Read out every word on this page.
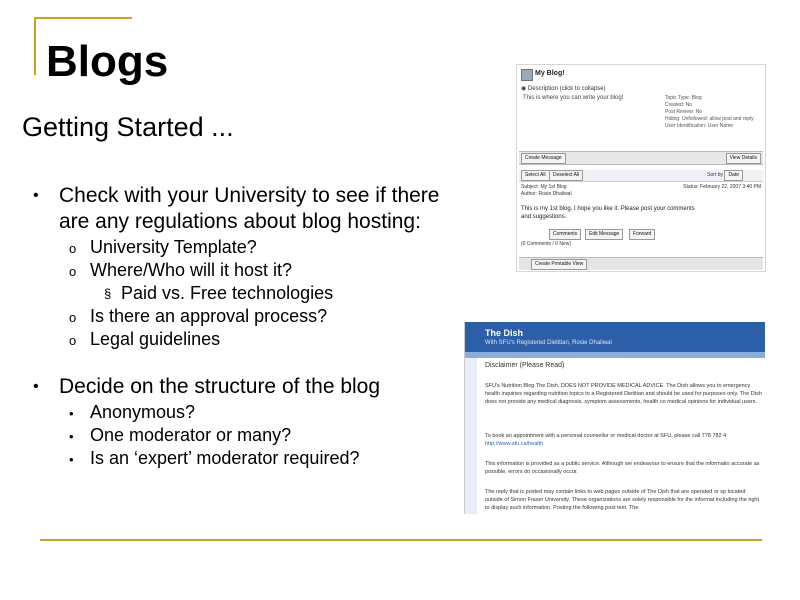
Blogs
Getting Started ...
• Check with your University to see if there
are any regulations about blog hosting:
o University Template?
o Where/Who will it host it?
§ Paid vs. Free technologies
o Is there an approval process?
o Legal guidelines
• Decide on the structure of the blog
• Anonymous?
• One moderator or many?
• Is an ‘expert’ moderator required?
My Blog!
◉ Description (click to collapse)
This is where you can write your blog!	Topic Type: Blog
Created: No
Post Review: No
Hiding: Unfollowed: allow post and reply
User Identification: User Name
Create Message	View Details
Select All	Deselect All	Sort by	Date
Subject: My 1st Blog
Author: Rosie Dhaliwal
Status: February 22, 2007 3:40 PM
This is my 1st blog. I hope you like it. Please post your comments and suggestions.
Comments	Edit Message	Forward
(0 Comments / 0 New)
Create Printable View
The Dish
With SFU's Registered Dietitian, Rosie Dhaliwal
Disclaimer (Please Read)
SFU's Nutrition Blog The Dish, DOES NOT PROVIDE MEDICAL ADVICE. The Dish allows you to emergency health inquiries regarding nutrition topics to a Registered Dietitian and should be used for purposes only. The Dish does not provide any medical diagnosis, symptom assessments, health co medical opinions for individual users.
To book an appointment with a personal counsellor or medical doctor at SFU, please call 778 782 4
http://www.sfu.ca/health
This information is provided as a public service. Although we endeavour to ensure that the informatio accurate as possible, errors do occasionally occur.
The reply that is posted may contain links to web pages outside of The Dish that are operated or sp located outside of Simon Fraser University. These organizations are solely responsible for the informat including the right to display such information. Posting the following post text. The
